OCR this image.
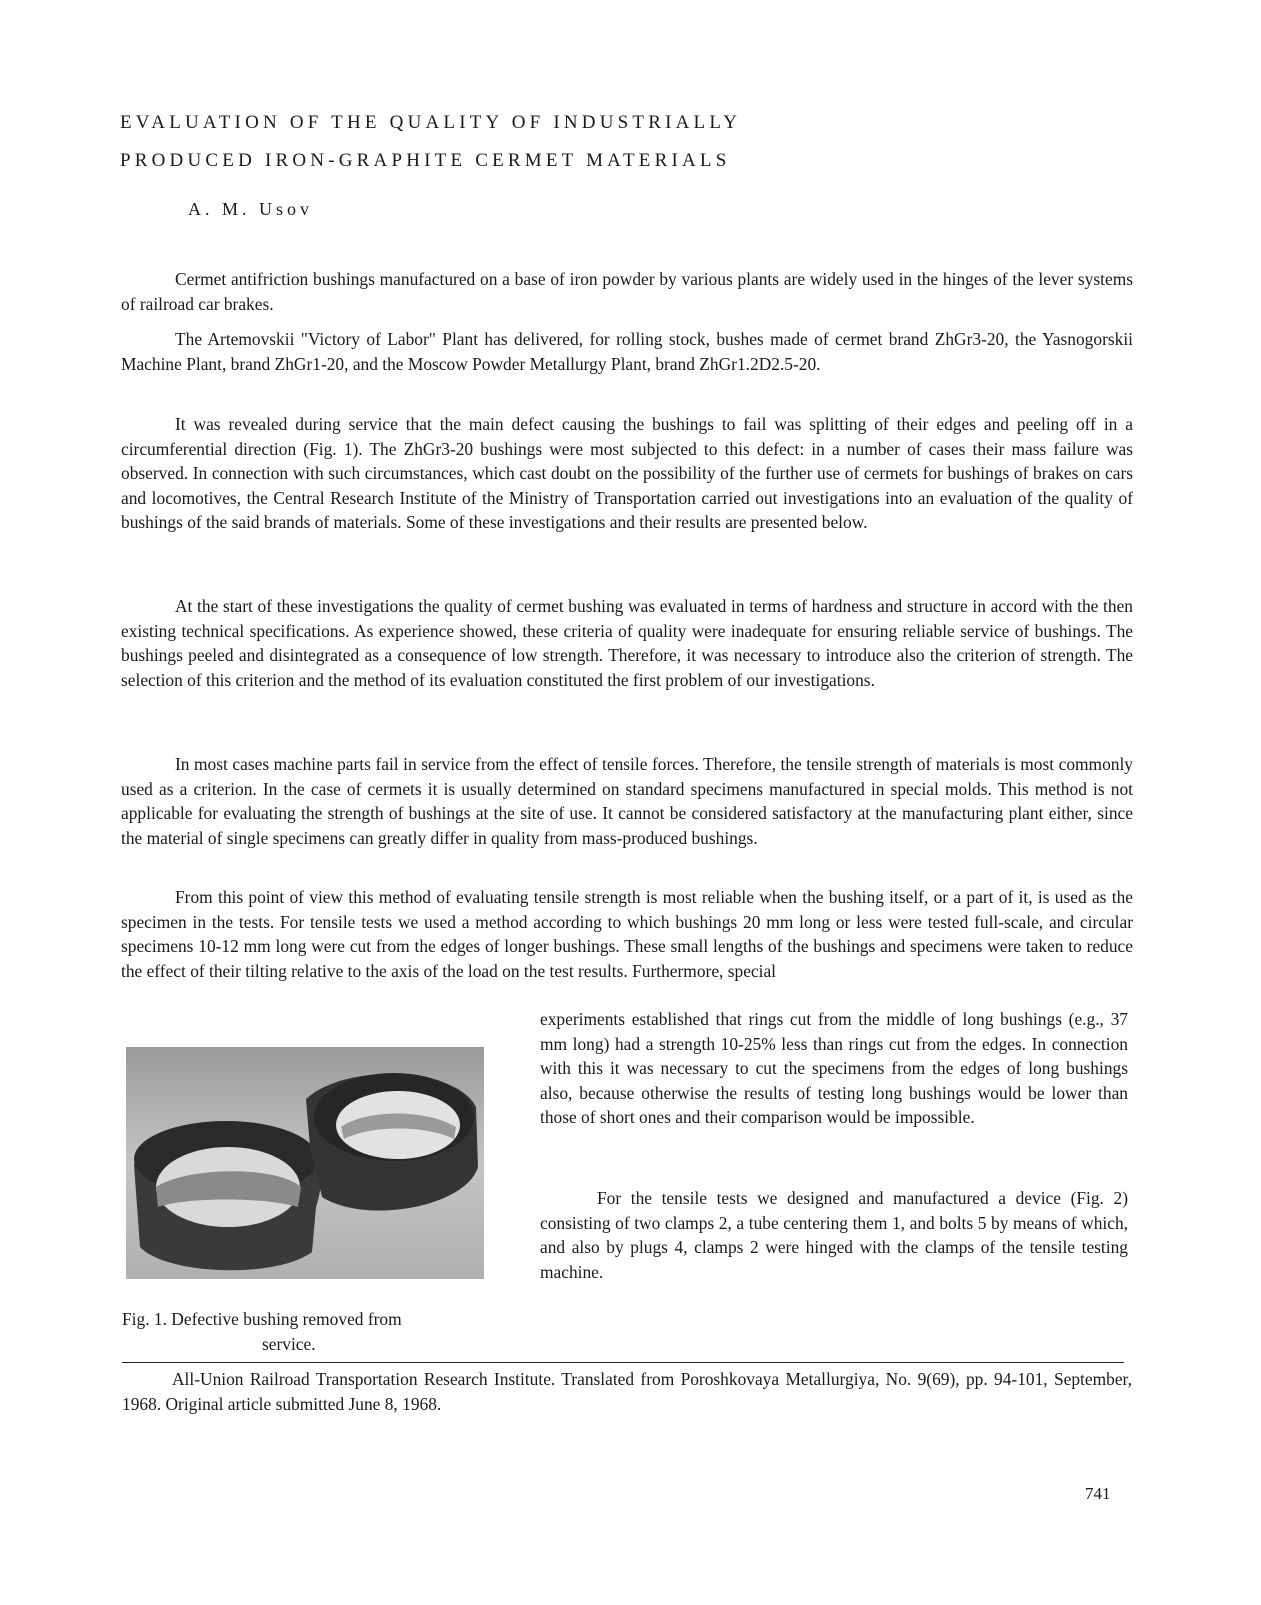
EVALUATION OF THE QUALITY OF INDUSTRIALLY
PRODUCED IRON-GRAPHITE CERMET MATERIALS
A. M. Usov

Cermet antifriction bushings manufactured on a base of iron powder by various plants are widely used in the hinges of the lever systems of railroad car brakes.

The Artemovskii "Victory of Labor" Plant has delivered, for rolling stock, bushes made of cermet brand ZhGr3-20, the Yasnogorskii Machine Plant, brand ZhGr1-20, and the Moscow Powder Metallurgy Plant, brand ZhGr1.2D2.5-20.

It was revealed during service that the main defect causing the bushings to fail was splitting of their edges and peeling off in a circumferential direction (Fig. 1). The ZhGr3-20 bushings were most subjected to this defect: in a number of cases their mass failure was observed. In connection with such circumstances, which cast doubt on the possibility of the further use of cermets for bushings of brakes on cars and locomotives, the Central Research Institute of the Ministry of Transportation carried out investigations into an evaluation of the quality of bushings of the said brands of materials. Some of these investigations and their results are presented below.

At the start of these investigations the quality of cermet bushing was evaluated in terms of hardness and structure in accord with the then existing technical specifications. As experience showed, these criteria of quality were inadequate for ensuring reliable service of bushings. The bushings peeled and disintegrated as a consequence of low strength. Therefore, it was necessary to introduce also the criterion of strength. The selection of this criterion and the method of its evaluation constituted the first problem of our investigations.

In most cases machine parts fail in service from the effect of tensile forces. Therefore, the tensile strength of materials is most commonly used as a criterion. In the case of cermets it is usually determined on standard specimens manufactured in special molds. This method is not applicable for evaluating the strength of bushings at the site of use. It cannot be considered satisfactory at the manufacturing plant either, since the material of single specimens can greatly differ in quality from mass-produced bushings.

From this point of view this method of evaluating tensile strength is most reliable when the bushing itself, or a part of it, is used as the specimen in the tests. For tensile tests we used a method according to which bushings 20 mm long or less were tested full-scale, and circular specimens 10-12 mm long were cut from the edges of longer bushings. These small lengths of the bushings and specimens were taken to reduce the effect of their tilting relative to the axis of the load on the test results. Furthermore, special

experiments established that rings cut from the middle of long bushings (e.g., 37 mm long) had a strength 10-25% less than rings cut from the edges. In connection with this it was necessary to cut the specimens from the edges of long bushings also, because otherwise the results of testing long bushings would be lower than those of short ones and their comparison would be impossible.

For the tensile tests we designed and manufactured a device (Fig. 2) consisting of two clamps 2, a tube centering them 1, and bolts 5 by means of which, and also by plugs 4, clamps 2 were hinged with the clamps of the tensile testing machine.

Fig. 1. Defective bushing removed from
service.

All-Union Railroad Transportation Research Institute. Translated from Poroshkovaya Metallurgiya, No. 9(69), pp. 94-101, September, 1968. Original article submitted June 8, 1968.

741
